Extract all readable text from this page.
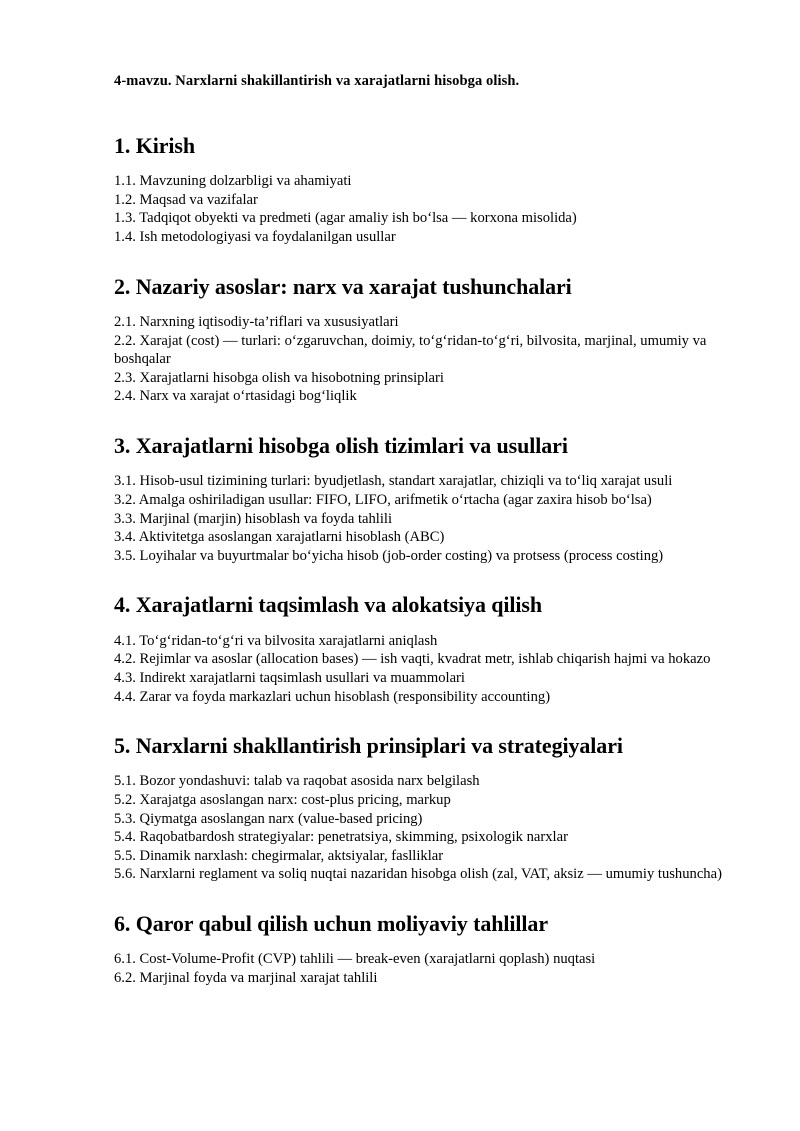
4-mavzu. Narxlarni shakillantirish va xarajatlarni hisobga olish.
1. Kirish
1.1. Mavzuning dolzarbligi va ahamiyati
1.2. Maqsad va vazifalar
1.3. Tadqiqot obyekti va predmeti (agar amaliy ish boʻlsa — korxona misolida)
1.4. Ish metodologiyasi va foydalanilgan usullar
2. Nazariy asoslar: narx va xarajat tushunchalari
2.1. Narxning iqtisodiy-ta’riflari va xususiyatlari
2.2. Xarajat (cost) — turlari: oʻzgaruvchan, doimiy, toʻgʻridan-toʻgʻri, bilvosita, marjinal, umumiy va boshqalar
2.3. Xarajatlarni hisobga olish va hisobotning prinsiplari
2.4. Narx va xarajat oʻrtasidagi bogʻliqlik
3. Xarajatlarni hisobga olish tizimlari va usullari
3.1. Hisob-usul tizimining turlari: byudjetlash, standart xarajatlar, chiziqli va toʻliq xarajat usuli
3.2. Amalga oshiriladigan usullar: FIFO, LIFO, arifmetik oʻrtacha (agar zaxira hisob boʻlsa)
3.3. Marjinal (marjin) hisoblash va foyda tahlili
3.4. Aktivitetga asoslangan xarajatlarni hisoblash (ABC)
3.5. Loyihalar va buyurtmalar boʻyicha hisob (job-order costing) va protsess (process costing)
4. Xarajatlarni taqsimlash va alokatsiya qilish
4.1. Toʻgʻridan-toʻgʻri va bilvosita xarajatlarni aniqlash
4.2. Rejimlar va asoslar (allocation bases) — ish vaqti, kvadrat metr, ishlab chiqarish hajmi va hokazo
4.3. Indirekt xarajatlarni taqsimlash usullari va muammolari
4.4. Zarar va foyda markazlari uchun hisoblash (responsibility accounting)
5. Narxlarni shakllantirish prinsiplari va strategiyalari
5.1. Bozor yondashuvi: talab va raqobat asosida narx belgilash
5.2. Xarajatga asoslangan narx: cost-plus pricing, markup
5.3. Qiymatga asoslangan narx (value-based pricing)
5.4. Raqobatbardosh strategiyalar: penetratsiya, skimming, psixologik narxlar
5.5. Dinamik narxlash: chegirmalar, aktsiyalar, faslliklar
5.6. Narxlarni reglament va soliq nuqtai nazaridan hisobga olish (zal, VAT, aksiz — umumiy tushuncha)
6. Qaror qabul qilish uchun moliyaviy tahlillar
6.1. Cost-Volume-Profit (CVP) tahlili — break-even (xarajatlarni qoplash) nuqtasi
6.2. Marjinal foyda va marjinal xarajat tahlili
